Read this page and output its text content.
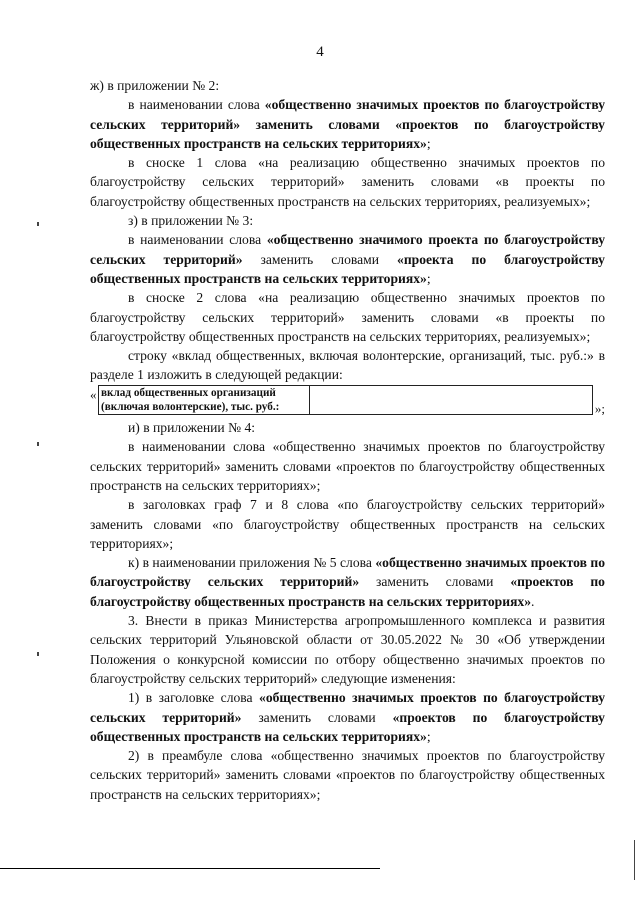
4
ж) в приложении № 2:
в наименовании слова «общественно значимых проектов по благоустройству сельских территорий» заменить словами «проектов по благоустройству общественных пространств на сельских территориях»;
в сноске 1 слова «на реализацию общественно значимых проектов по благоустройству сельских территорий» заменить словами «в проекты по благоустройству общественных пространств на сельских территориях, реализуемых»;
з) в приложении № 3:
в наименовании слова «общественно значимого проекта по благоустройству сельских территорий» заменить словами «проекта по благоустройству общественных пространств на сельских территориях»;
в сноске 2 слова «на реализацию общественно значимых проектов по благоустройству сельских территорий» заменить словами «в проекты по благоустройству общественных пространств на сельских территориях, реализуемых»;
строку «вклад общественных, включая волонтерские, организаций, тыс. руб.:» в разделе 1 изложить в следующей редакции:
« вклад общественных организаций (включая волонтерские), тыс. руб.:		»;
и) в приложении № 4:
в наименовании слова «общественно значимых проектов по благоустройству сельских территорий» заменить словами «проектов по благоустройству общественных пространств на сельских территориях»;
в заголовках граф 7 и 8 слова «по благоустройству сельских территорий» заменить словами «по благоустройству общественных пространств на сельских территориях»;
к) в наименовании приложения № 5 слова «общественно значимых проектов по благоустройству сельских территорий» заменить словами «проектов по благоустройству общественных пространств на сельских территориях».
3. Внести в приказ Министерства агропромышленного комплекса и развития сельских территорий Ульяновской области от 30.05.2022 № 30 «Об утверждении Положения о конкурсной комиссии по отбору общественно значимых проектов по благоустройству сельских территорий» следующие изменения:
1) в заголовке слова «общественно значимых проектов по благоустройству сельских территорий» заменить словами «проектов по благоустройству общественных пространств на сельских территориях»;
2) в преамбуле слова «общественно значимых проектов по благоустройству сельских территорий» заменить словами «проектов по благоустройству общественных пространств на сельских территориях»;
